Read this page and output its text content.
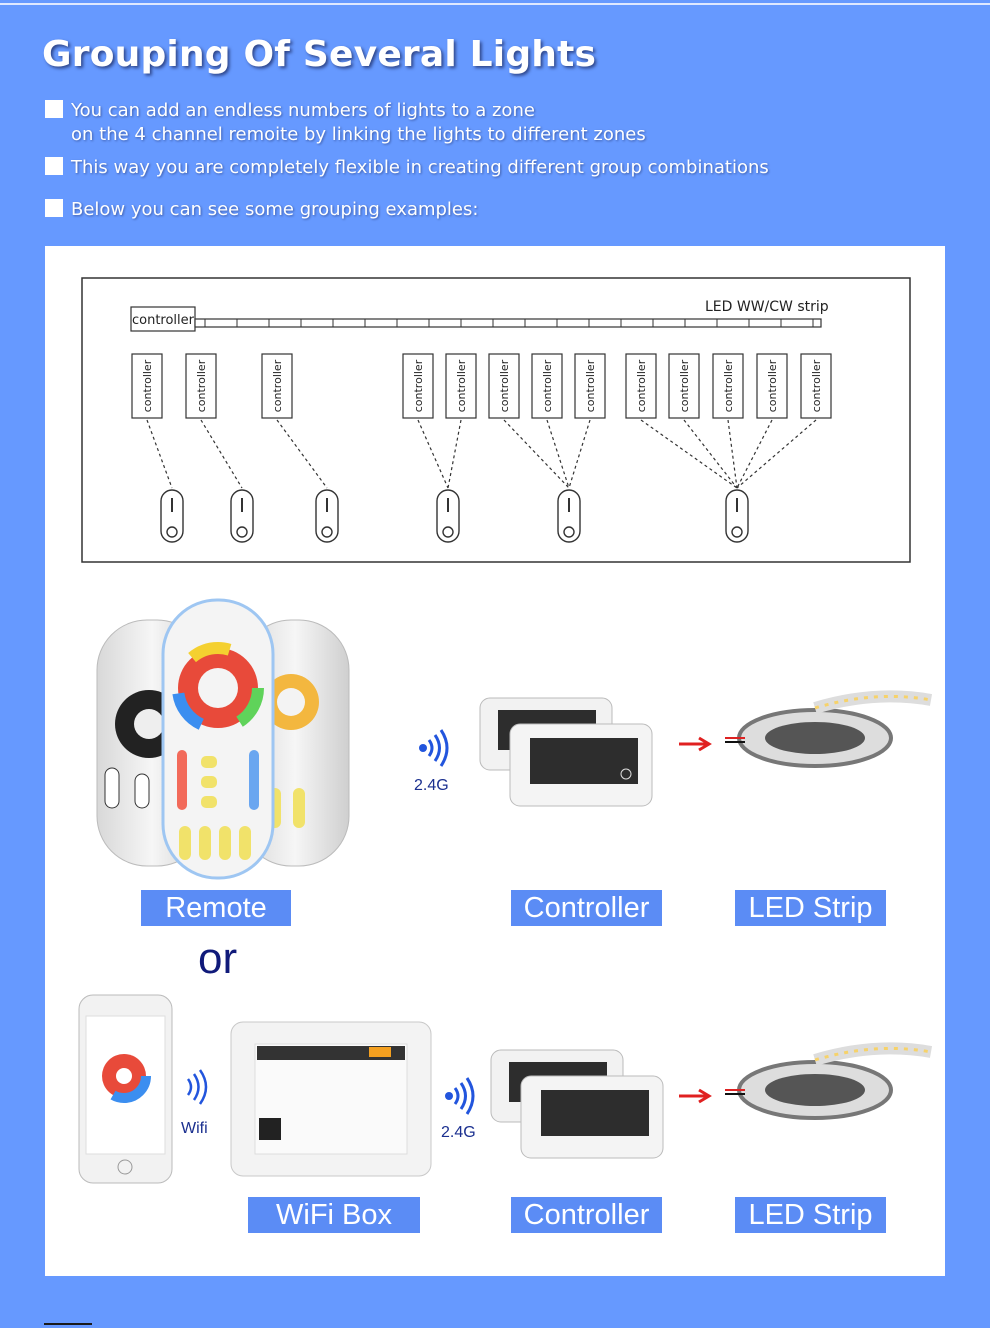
Grouping Of Several Lights
You can add an endless numbers of lights to a zone
on the 4 channel remoite by linking the lights to different zones
This way you are completely flexible in creating different group combinations
Below you can see some grouping examples:
controller
LED WW/CW strip
controller	controller	controller	controller	controller	controller	controller	controller	controller	controller	controller	controller	controller
2.4G
Remote	Controller	LED Strip
or
Wifi	2.4G
WiFi Box	Controller	LED Strip
